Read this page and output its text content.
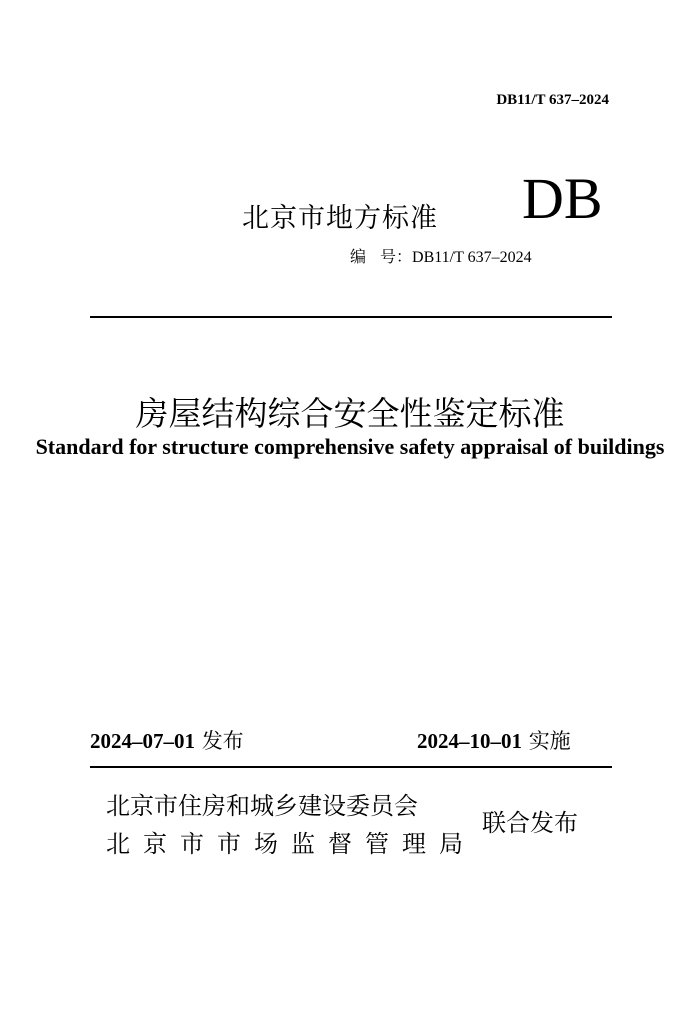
DB11/T 637–2024
北京市地方标准 DB
编号：DB11/T 637–2024
房屋结构综合安全性鉴定标准
Standard for structure comprehensive safety appraisal of buildings
2024–07–01 发布	2024–10–01 实施
北京市住房和城乡建设委员会
北京市市场监督管理局
联合发布
